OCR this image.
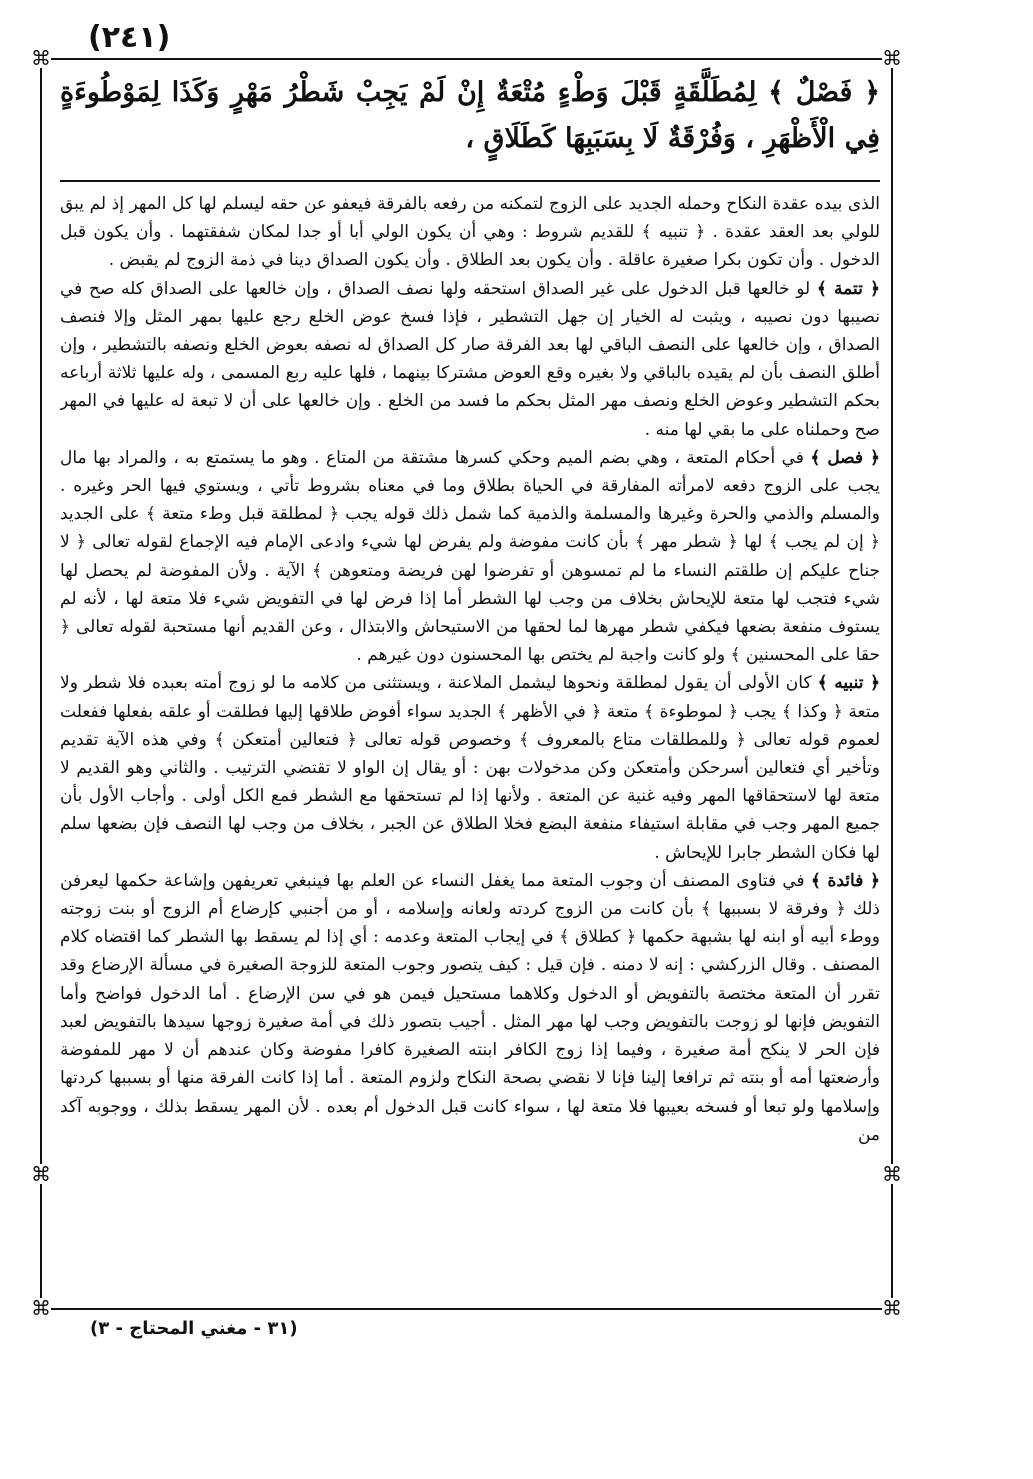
(٢٤١)
⌘	⌘
⌘	⌘
⌘	⌘
﴿ فَصْلٌ ﴾ لِمُطَلَّقَةٍ قَبْلَ وَطْءٍ مُتْعَةٌ إِنْ لَمْ يَجِبْ شَطْرُ مَهْرٍ وَكَذَا لِمَوْطُوءَةٍ فِي الْأَظْهَرِ ، وَفُرْقَةٌ لَا بِسَبَبِهَا كَطَلَاقٍ ،

الذى بيده عقدة النكاح وحمله الجديد على الزوج لتمكنه من رفعه بالفرقة فيعفو عن حقه ليسلم لها كل المهر إذ لم يبق للولي بعد العقد عقدة . ﴿ تنبيه ﴾ للقديم شروط : وهي أن يكون الولي أبا أو جدا لمكان شفقتهما . وأن يكون قبل الدخول . وأن تكون بكرا صغيرة عاقلة . وأن يكون بعد الطلاق . وأن يكون الصداق دينا في ذمة الزوج لم يقبض .

﴿ تتمة ﴾ لو خالعها قبل الدخول على غير الصداق استحقه ولها نصف الصداق ، وإن خالعها على الصداق كله صح في نصيبها دون نصيبه ، ويثبت له الخيار إن جهل التشطير ، فإذا فسخ عوض الخلع رجع عليها بمهر المثل وإلا فنصف الصداق ، وإن خالعها على النصف الباقي لها بعد الفرقة صار كل الصداق له نصفه بعوض الخلع ونصفه بالتشطير ، وإن أطلق النصف بأن لم يقيده بالباقي ولا بغيره وقع العوض مشتركا بينهما ، فلها عليه ربع المسمى ، وله عليها ثلاثة أرباعه بحكم التشطير وعوض الخلع ونصف مهر المثل بحكم ما فسد من الخلع . وإن خالعها على أن لا تبعة له عليها في المهر صح وحملناه على ما بقي لها منه .

﴿ فصل ﴾ في أحكام المتعة ، وهي بضم الميم وحكي كسرها مشتقة من المتاع . وهو ما يستمتع به ، والمراد بها مال يجب على الزوج دفعه لامرأته المفارقة في الحياة بطلاق وما في معناه بشروط تأتي ، ويستوي فيها الحر وغيره . والمسلم والذمي والحرة وغيرها والمسلمة والذمية كما شمل ذلك قوله يجب ﴿ لمطلقة قبل وطء متعة ﴾ على الجديد ﴿ إن لم يجب ﴾ لها ﴿ شطر مهر ﴾ بأن كانت مفوضة ولم يفرض لها شيء وادعى الإمام فيه الإجماع لقوله تعالى ﴿ لا جناح عليكم إن طلقتم النساء ما لم تمسوهن أو تفرضوا لهن فريضة ومتعوهن ﴾ الآية . ولأن المفوضة لم يحصل لها شيء فتجب لها متعة للإيحاش بخلاف من وجب لها الشطر أما إذا فرض لها في التفويض شيء فلا متعة لها ، لأنه لم يستوف منفعة بضعها فيكفي شطر مهرها لما لحقها من الاستيحاش والابتذال ، وعن القديم أنها مستحبة لقوله تعالى ﴿ حقا على المحسنين ﴾ ولو كانت واجبة لم يختص بها المحسنون دون غيرهم .

﴿ تنبيه ﴾ كان الأولى أن يقول لمطلقة ونحوها ليشمل الملاعنة ، ويستثنى من كلامه ما لو زوج أمته بعبده فلا شطر ولا متعة ﴿ وكذا ﴾ يجب ﴿ لموطوءة ﴾ متعة ﴿ في الأظهر ﴾ الجديد سواء أفوض طلاقها إليها فطلقت أو علقه بفعلها ففعلت لعموم قوله تعالى ﴿ وللمطلقات متاع بالمعروف ﴾ وخصوص قوله تعالى ﴿ فتعالين أمتعكن ﴾ وفي هذه الآية تقديم وتأخير أي فتعالين أسرحكن وأمتعكن وكن مدخولات بهن : أو يقال إن الواو لا تقتضي الترتيب . والثاني وهو القديم لا متعة لها لاستحقاقها المهر وفيه غنية عن المتعة . ولأنها إذا لم تستحقها مع الشطر فمع الكل أولى . وأجاب الأول بأن جميع المهر وجب في مقابلة استيفاء منفعة البضع فخلا الطلاق عن الجبر ، بخلاف من وجب لها النصف فإن بضعها سلم لها فكان الشطر جابرا للإيحاش .

﴿ فائدة ﴾ في فتاوى المصنف أن وجوب المتعة مما يغفل النساء عن العلم بها فينبغي تعريفهن وإشاعة حكمها ليعرفن ذلك ﴿ وفرقة لا بسببها ﴾ بأن كانت من الزوج كردته ولعانه وإسلامه ، أو من أجنبي كإرضاع أم الزوج أو بنت زوجته ووطء أبيه أو ابنه لها بشبهة حكمها ﴿ كطلاق ﴾ في إيجاب المتعة وعدمه : أي إذا لم يسقط بها الشطر كما اقتضاه كلام المصنف . وقال الزركشي : إنه لا دمنه . فإن قيل : كيف يتصور وجوب المتعة للزوجة الصغيرة في مسألة الإرضاع وقد تقرر أن المتعة مختصة بالتفويض أو الدخول وكلاهما مستحيل فيمن هو في سن الإرضاع . أما الدخول فواضح وأما التفويض فإنها لو زوجت بالتفويض وجب لها مهر المثل . أجيب بتصور ذلك في أمة صغيرة زوجها سيدها بالتفويض لعبد فإن الحر لا ينكح أمة صغيرة ، وفيما إذا زوج الكافر ابنته الصغيرة كافرا مفوضة وكان عندهم أن لا مهر للمفوضة وأرضعتها أمه أو بنته ثم ترافعا إلينا فإنا لا نقضي بصحة النكاح ولزوم المتعة . أما إذا كانت الفرقة منها أو بسببها كردتها وإسلامها ولو تبعا أو فسخه بعيبها فلا متعة لها ، سواء كانت قبل الدخول أم بعده . لأن المهر يسقط بذلك ، ووجوبه آكد من

(٣١ - مغني المحتاج - ٣)
